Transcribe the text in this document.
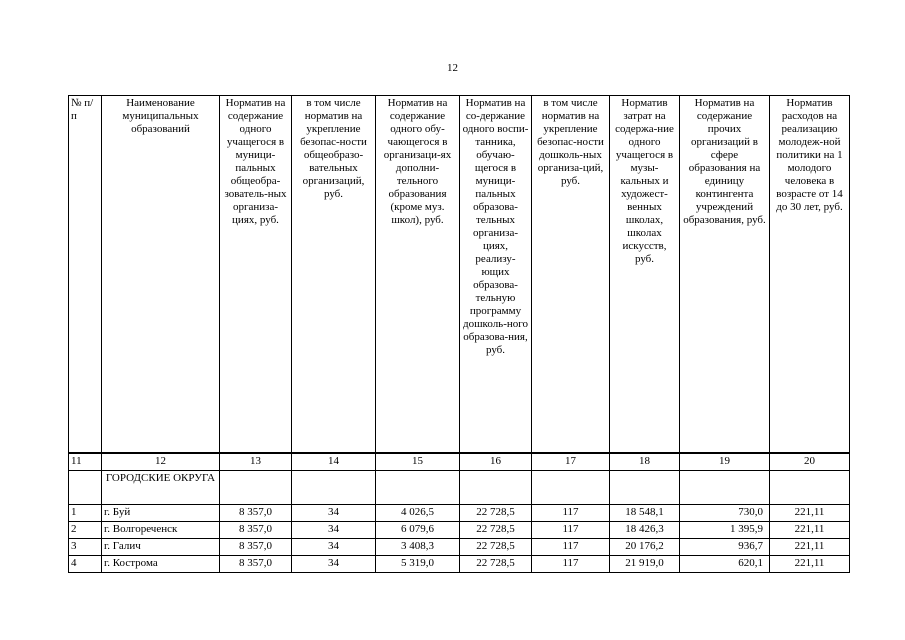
12
№ п/п	Наименование муниципальных образований	Норматив на содержание одного учащегося в муници-пальных общеобра-зователь-ных организа-циях, руб.	в том числе норматив на укрепление безопас-ности общеобразо-вательных организаций, руб.	Норматив на содержание одного обу-чающегося в организаци-ях дополни-тельного образования (кроме муз. школ), руб.	Норматив на со-держание одного воспи-танника, обучаю-щегося в муници-пальных образова-тельных организа-циях, реализу-ющих образова-тельную программу дошколь-ного образова-ния, руб.	в том числе норматив на укрепление безопас-ности дошколь-ных организа-ций, руб.	Норматив затрат на содержа-ние одного учащегося в музы-кальных и художест-венных школах, школах искусств, руб.	Норматив на содержание прочих организаций в сфере образования на единицу контингента учреждений образования, руб.	Норматив расходов на реализацию молодеж-ной политики на 1 молодого человека в возрасте от 14 до 30 лет, руб.
11	12	13	14	15	16	17	18	19	20
	ГОРОДСКИЕ ОКРУГА								
1	г. Буй	8 357,0	34	4 026,5	22 728,5	117	18 548,1	730,0	221,11
2	г. Волгореченск	8 357,0	34	6 079,6	22 728,5	117	18 426,3	1 395,9	221,11
3	г. Галич	8 357,0	34	3 408,3	22 728,5	117	20 176,2	936,7	221,11
4	г. Кострома	8 357,0	34	5 319,0	22 728,5	117	21 919,0	620,1	221,11
